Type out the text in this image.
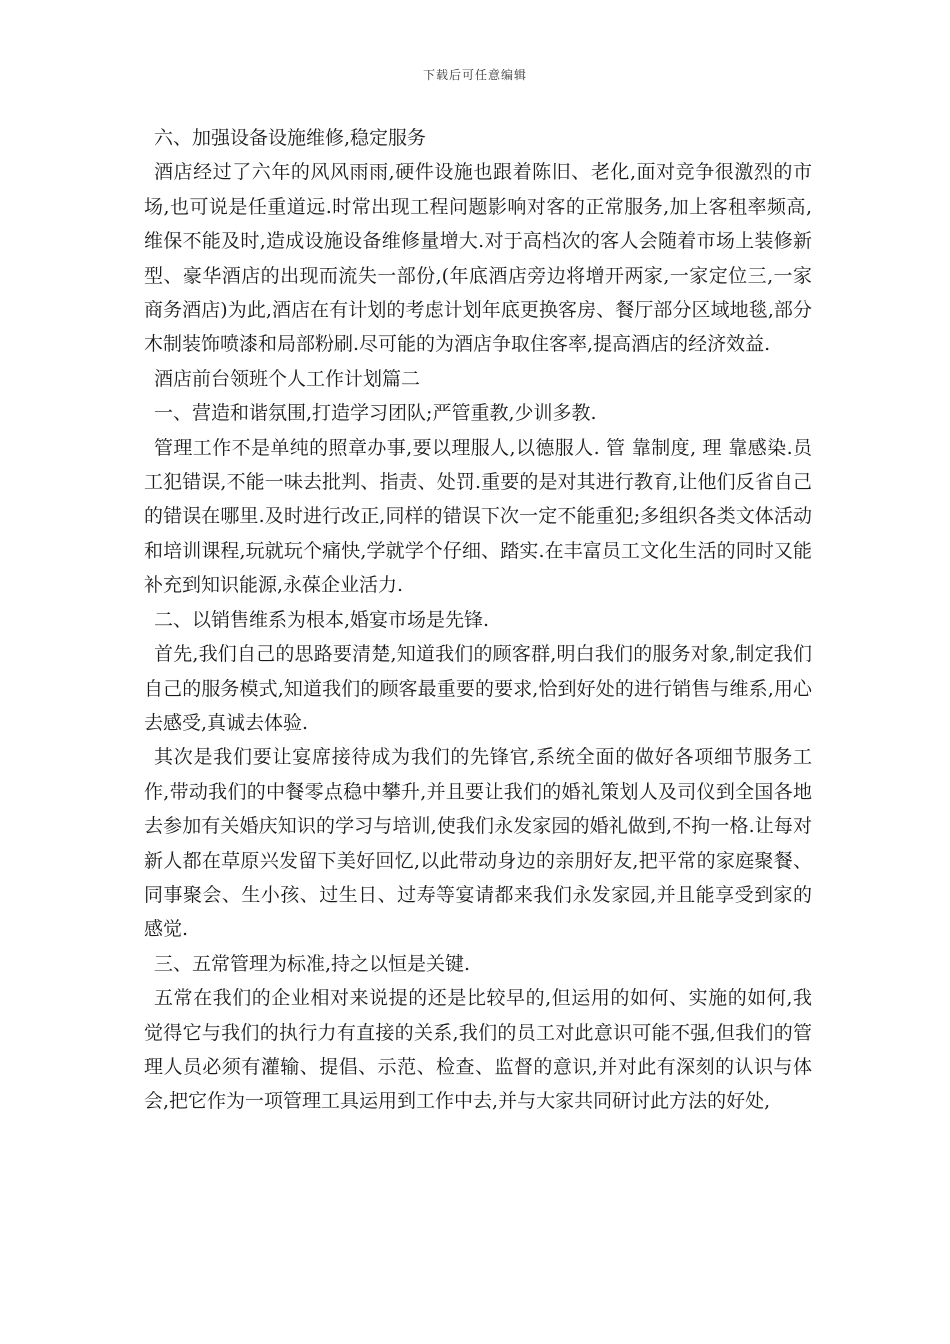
下载后可任意编辑

六、加强设备设施维修,稳定服务

酒店经过了六年的风风雨雨,硬件设施也跟着陈旧、老化,面对竞争很激烈的市场,也可说是任重道远.时常出现工程问题影响对客的正常服务,加上客租率频高,维保不能及时,造成设施设备维修量增大.对于高档次的客人会随着市场上装修新型、豪华酒店的出现而流失一部份,(年底酒店旁边将增开两家,一家定位三,一家商务酒店)为此,酒店在有计划的考虑计划年底更换客房、餐厅部分区域地毯,部分木制装饰喷漆和局部粉刷.尽可能的为酒店争取住客率,提高酒店的经济效益.

酒店前台领班个人工作计划篇二

一、营造和谐氛围,打造学习团队;严管重教,少训多教.

管理工作不是单纯的照章办事,要以理服人,以德服人. 管 靠制度, 理 靠感染.员工犯错误,不能一味去批判、指责、处罚.重要的是对其进行教育,让他们反省自己的错误在哪里.及时进行改正,同样的错误下次一定不能重犯;多组织各类文体活动和培训课程,玩就玩个痛快,学就学个仔细、踏实.在丰富员工文化生活的同时又能补充到知识能源,永葆企业活力.

二、以销售维系为根本,婚宴市场是先锋.

首先,我们自己的思路要清楚,知道我们的顾客群,明白我们的服务对象,制定我们自己的服务模式,知道我们的顾客最重要的要求,恰到好处的进行销售与维系,用心去感受,真诚去体验.

其次是我们要让宴席接待成为我们的先锋官,系统全面的做好各项细节服务工作,带动我们的中餐零点稳中攀升,并且要让我们的婚礼策划人及司仪到全国各地去参加有关婚庆知识的学习与培训,使我们永发家园的婚礼做到,不拘一格.让每对新人都在草原兴发留下美好回忆,以此带动身边的亲朋好友,把平常的家庭聚餐、同事聚会、生小孩、过生日、过寿等宴请都来我们永发家园,并且能享受到家的感觉.

三、五常管理为标准,持之以恒是关键.

五常在我们的企业相对来说提的还是比较早的,但运用的如何、实施的如何,我觉得它与我们的执行力有直接的关系,我们的员工对此意识可能不强,但我们的管理人员必须有灌输、提倡、示范、检查、监督的意识,并对此有深刻的认识与体会,把它作为一项管理工具运用到工作中去,并与大家共同研讨此方法的好处,
